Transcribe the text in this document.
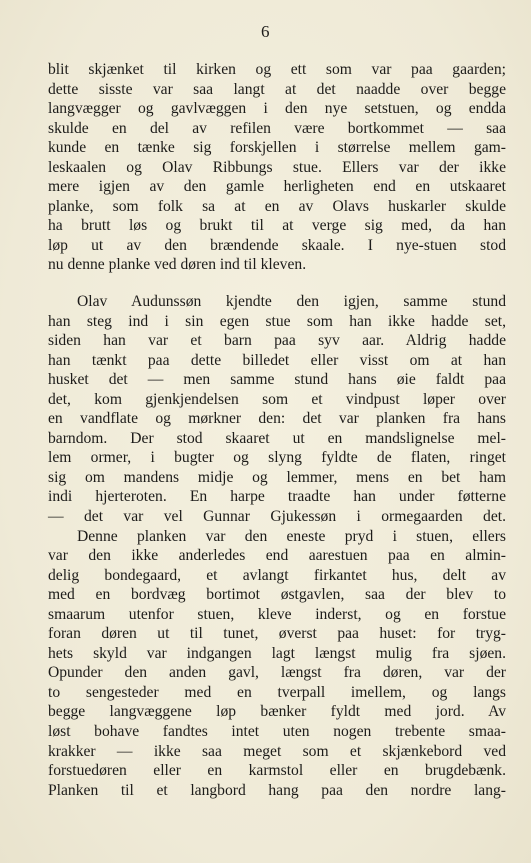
6
blit skjænket til kirken og ett som var paa gaarden;
dette sisste var saa langt at det naadde over begge
langvægger og gavlvæggen i den nye setstuen, og endda
skulde en del av refilen være bortkommet — saa
kunde en tænke sig forskjellen i størrelse mellem gam-
leskaalen og Olav Ribbungs stue. Ellers var der ikke
mere igjen av den gamle herligheten end en utskaaret
planke, som folk sa at en av Olavs huskarler skulde
ha brutt løs og brukt til at verge sig med, da han
løp ut av den brændende skaale. I nye-stuen stod
nu denne planke ved døren ind til kleven.
Olav Audunssøn kjendte den igjen, samme stund
han steg ind i sin egen stue som han ikke hadde set,
siden han var et barn paa syv aar. Aldrig hadde
han tænkt paa dette billedet eller visst om at han
husket det — men samme stund hans øie faldt paa
det, kom gjenkjendelsen som et vindpust løper over
en vandflate og mørkner den: det var planken fra hans
barndom. Der stod skaaret ut en mandslignelse mel-
lem ormer, i bugter og slyng fyldte de flaten, ringet
sig om mandens midje og lemmer, mens en bet ham
indi hjerteroten. En harpe traadte han under føtterne
— det var vel Gunnar Gjukessøn i ormegaarden det.
Denne planken var den eneste pryd i stuen, ellers
var den ikke anderledes end aarestuen paa en almin-
delig bondegaard, et avlangt firkantet hus, delt av
med en bordvæg bortimot østgavlen, saa der blev to
smaarum utenfor stuen, kleve inderst, og en forstue
foran døren ut til tunet, øverst paa huset: for tryg-
hets skyld var indgangen lagt længst mulig fra sjøen.
Opunder den anden gavl, længst fra døren, var der
to sengesteder med en tverpall imellem, og langs
begge langvæggene løp bænker fyldt med jord. Av
løst bohave fandtes intet uten nogen trebente smaa-
krakker — ikke saa meget som et skjænkebord ved
forstuedøren eller en karmstol eller en brugdebænk.
Planken til et langbord hang paa den nordre lang-
